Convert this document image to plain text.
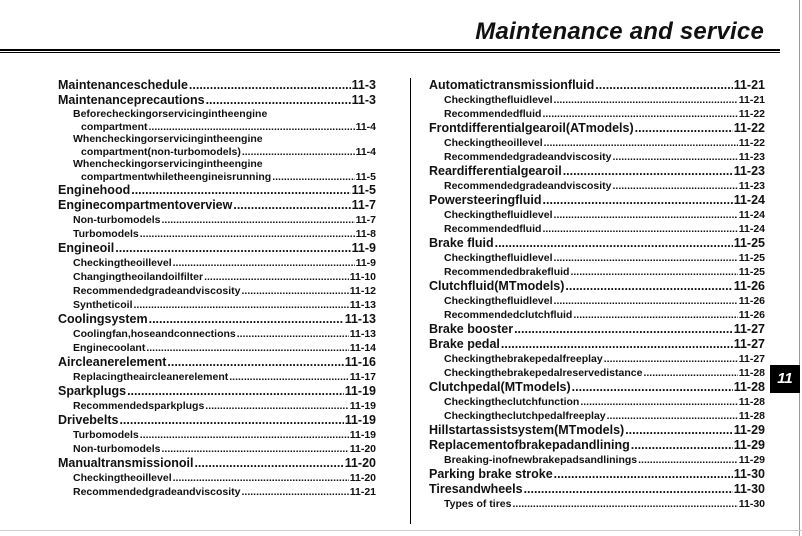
Maintenance and service
Maintenanceschedule .....	11-3
Maintenanceprecautions .....	11-3
Beforecheckingorservicingintheengine
compartment .....	11-4
Whencheckingorservicingintheengine
compartment(non-turbomodels) .....	11-4
Whencheckingorservicingintheengine
compartmentwhiletheengineisrunning .....	11-5
Enginehood .....	11-5
Enginecompartmentoverview .....	11-7
Non-turbomodels .....	11-7
Turbomodels .....	11-8
Engineoil .....	11-9
Checkingtheoillevel .....	11-9
Changingtheoilandoilfilter .....	11-10
Recommendedgradeandviscosity .....	11-12
Syntheticoil .....	11-13
Coolingsystem .....	11-13
Coolingfan,hoseandconnections .....	11-13
Enginecoolant .....	11-14
Aircleanerelement .....	11-16
Replacingtheaircleanerelement .....	11-17
Sparkplugs .....	11-19
Recommendedsparkplugs .....	11-19
Drivebelts .....	11-19
Turbomodels .....	11-19
Non-turbomodels .....	11-20
Manualtransmissionoil .....	11-20
Checkingtheoillevel .....	11-20
Recommendedgradeandviscosity .....	11-21
Automatictransmissionfluid .....	11-21
Checkingthefluidlevel .....	11-21
Recommendedfluid .....	11-22
Frontdifferentialgearoil(ATmodels) .....	11-22
Checkingtheoillevel .....	11-22
Recommendedgradeandviscosity .....	11-23
Reardifferentialgearoil .....	11-23
Recommendedgradeandviscosity .....	11-23
Powersteeringfluid .....	11-24
Checkingthefluidlevel .....	11-24
Recommendedfluid .....	11-24
Brake fluid .....	11-25
Checkingthefluidlevel .....	11-25
Recommendedbrakefluid .....	11-25
Clutchfluid(MTmodels) .....	11-26
Checkingthefluidlevel .....	11-26
Recommendedclutchfluid .....	11-26
Brake booster .....	11-27
Brake pedal .....	11-27
Checkingthebrakepedalfreeplay .....	11-27
Checkingthebrakepedalreservedistance .....	11-28
Clutchpedal(MTmodels) .....	11-28
Checkingtheclutchfunction .....	11-28
Checkingtheclutchpedalfreeplay .....	11-28
Hillstartassistsystem(MTmodels) .....	11-29
Replacementofbrakepadandlining .....	11-29
Breaking-inofnewbrakepadsandlinings .....	11-29
Parking brake stroke .....	11-30
Tiresandwheels .....	11-30
Types of tires .....	11-30
11
